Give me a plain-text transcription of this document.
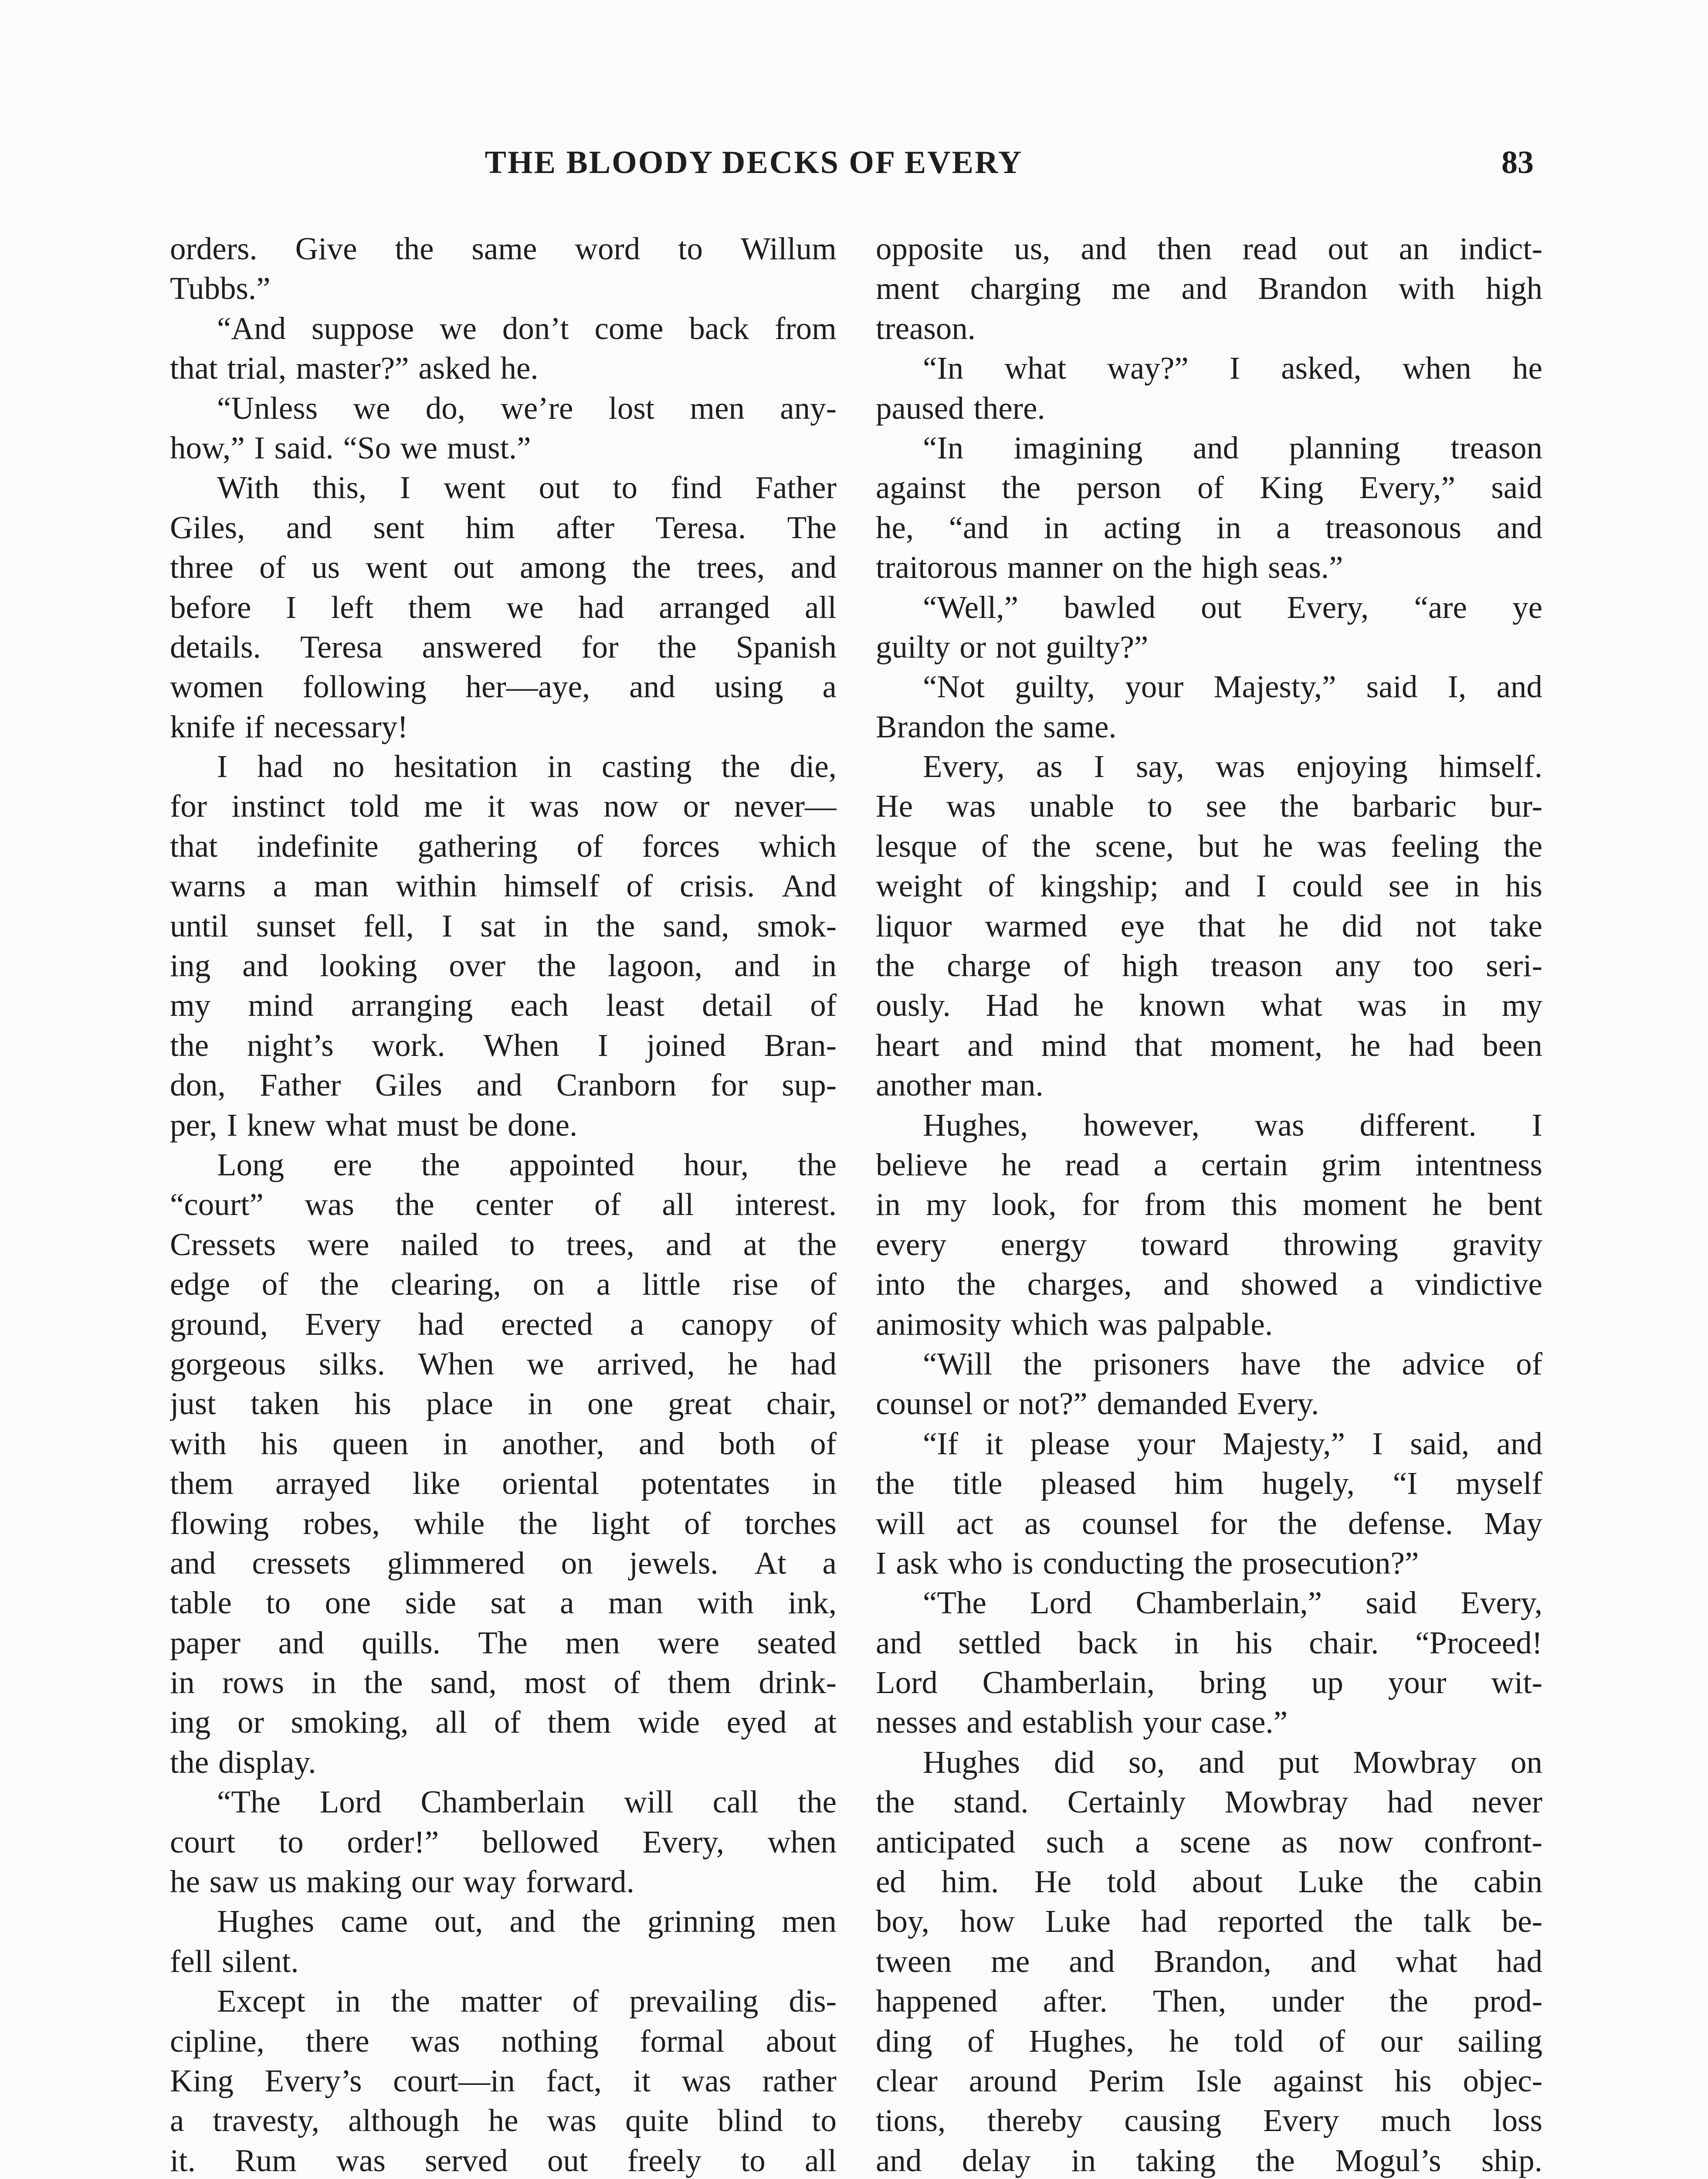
THE BLOODY DECKS OF EVERY	83
orders. Give the same word to Willum
Tubbs.”
“And suppose we don’t come back from
that trial, master?” asked he.
“Unless we do, we’re lost men any-
how,” I said. “So we must.”
With this, I went out to find Father
Giles, and sent him after Teresa. The
three of us went out among the trees, and
before I left them we had arranged all
details. Teresa answered for the Spanish
women following her—aye, and using a
knife if necessary!
I had no hesitation in casting the die,
for instinct told me it was now or never—
that indefinite gathering of forces which
warns a man within himself of crisis. And
until sunset fell, I sat in the sand, smok-
ing and looking over the lagoon, and in
my mind arranging each least detail of
the night’s work. When I joined Bran-
don, Father Giles and Cranborn for sup-
per, I knew what must be done.
Long ere the appointed hour, the
“court” was the center of all interest.
Cressets were nailed to trees, and at the
edge of the clearing, on a little rise of
ground, Every had erected a canopy of
gorgeous silks. When we arrived, he had
just taken his place in one great chair,
with his queen in another, and both of
them arrayed like oriental potentates in
flowing robes, while the light of torches
and cressets glimmered on jewels. At a
table to one side sat a man with ink,
paper and quills. The men were seated
in rows in the sand, most of them drink-
ing or smoking, all of them wide eyed at
the display.
“The Lord Chamberlain will call the
court to order!” bellowed Every, when
he saw us making our way forward.
Hughes came out, and the grinning men
fell silent.
Except in the matter of prevailing dis-
cipline, there was nothing formal about
King Every’s court—in fact, it was rather
a travesty, although he was quite blind to
it. Rum was served out freely to all
opposite us, and then read out an indict-
ment charging me and Brandon with high
treason.
“In what way?” I asked, when he
paused there.
“In imagining and planning treason
against the person of King Every,” said
he, “and in acting in a treasonous and
traitorous manner on the high seas.”
“Well,” bawled out Every, “are ye
guilty or not guilty?”
“Not guilty, your Majesty,” said I, and
Brandon the same.
Every, as I say, was enjoying himself.
He was unable to see the barbaric bur-
lesque of the scene, but he was feeling the
weight of kingship; and I could see in his
liquor warmed eye that he did not take
the charge of high treason any too seri-
ously. Had he known what was in my
heart and mind that moment, he had been
another man.
Hughes, however, was different. I
believe he read a certain grim intentness
in my look, for from this moment he bent
every energy toward throwing gravity
into the charges, and showed a vindictive
animosity which was palpable.
“Will the prisoners have the advice of
counsel or not?” demanded Every.
“If it please your Majesty,” I said, and
the title pleased him hugely, “I myself
will act as counsel for the defense. May
I ask who is conducting the prosecution?”
“The Lord Chamberlain,” said Every,
and settled back in his chair. “Proceed!
Lord Chamberlain, bring up your wit-
nesses and establish your case.”
Hughes did so, and put Mowbray on
the stand. Certainly Mowbray had never
anticipated such a scene as now confront-
ed him. He told about Luke the cabin
boy, how Luke had reported the talk be-
tween me and Brandon, and what had
happened after. Then, under the prod-
ding of Hughes, he told of our sailing
clear around Perim Isle against his objec-
tions, thereby causing Every much loss
and delay in taking the Mogul’s ship.
